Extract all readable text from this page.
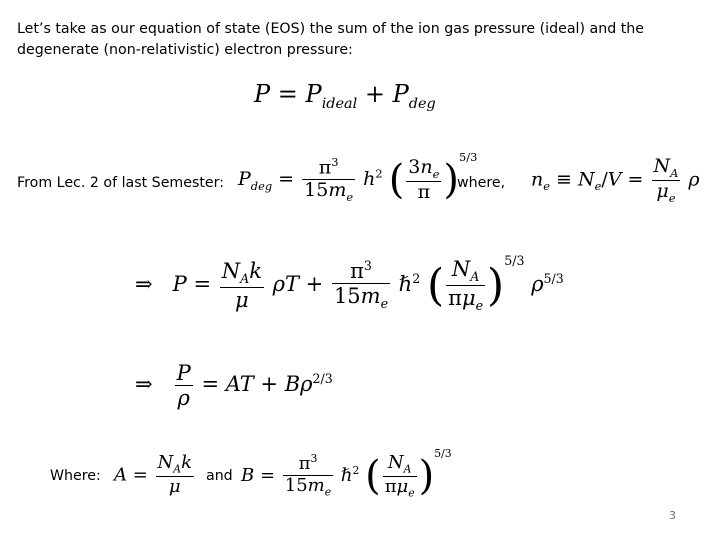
Let’s take as our equation of state (EOS) the sum of the ion gas pressure (ideal) and the degenerate (non-relativistic) electron pressure:
$P = P_{ideal} + P_{deg}$
From Lec. 2 of last Semester: $P_{deg} = \frac{\pi^3}{15m_e} h^2$ ( $\frac{3n_e}{\pi} )^{5/3}$
where, $n_e \equiv N_e/V = \frac{N_A}{\mu_e}$ ρ
⇒   $P = \frac{N_Ak}{\mu}$ $\rho T + \frac{\pi^3}{15m_e}$ ℏ$^2$ ( $\frac{N_A}{\pi\mu_e} )^{5/3}$ $\rho^{5/3}$
⇒ $\frac{P}{\rho}$ = AT + $B\rho^{2/3}$
Where: $A = \frac{N_Ak}{\mu}$ and $B = \frac{\pi^3}{15m_e}$ ℏ$^2$ ( $\frac{N_A}{\pi\mu_e} )^{5/3}$
3
